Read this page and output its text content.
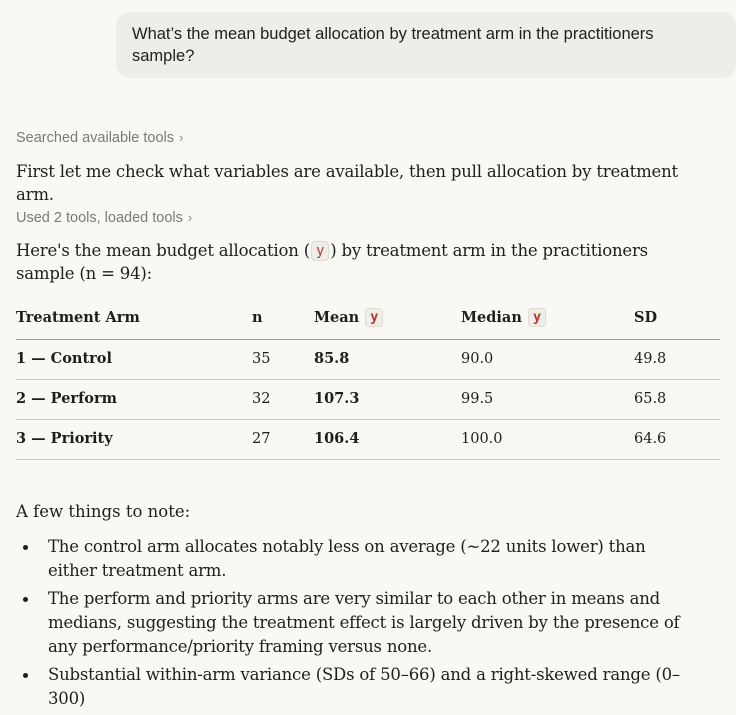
What’s the mean budget allocation by treatment arm in the practitioners sample?
Searched available tools ›
First let me check what variables are available, then pull allocation by treatment arm.
Used 2 tools, loaded tools ›
Here's the mean budget allocation ( y ) by treatment arm in the practitioners sample (n = 94):
Treatment Arm	n	Mean y	Median y	SD
1 — Control	35	85.8	90.0	49.8
2 — Perform	32	107.3	99.5	65.8
3 — Priority	27	106.4	100.0	64.6
A few things to note:
The control arm allocates notably less on average (~22 units lower) than either treatment arm.
The perform and priority arms are very similar to each other in means and medians, suggesting the treatment effect is largely driven by the presence of any performance/priority framing versus none.
Substantial within-arm variance (SDs of 50–66) and a right-skewed range (0–300)
